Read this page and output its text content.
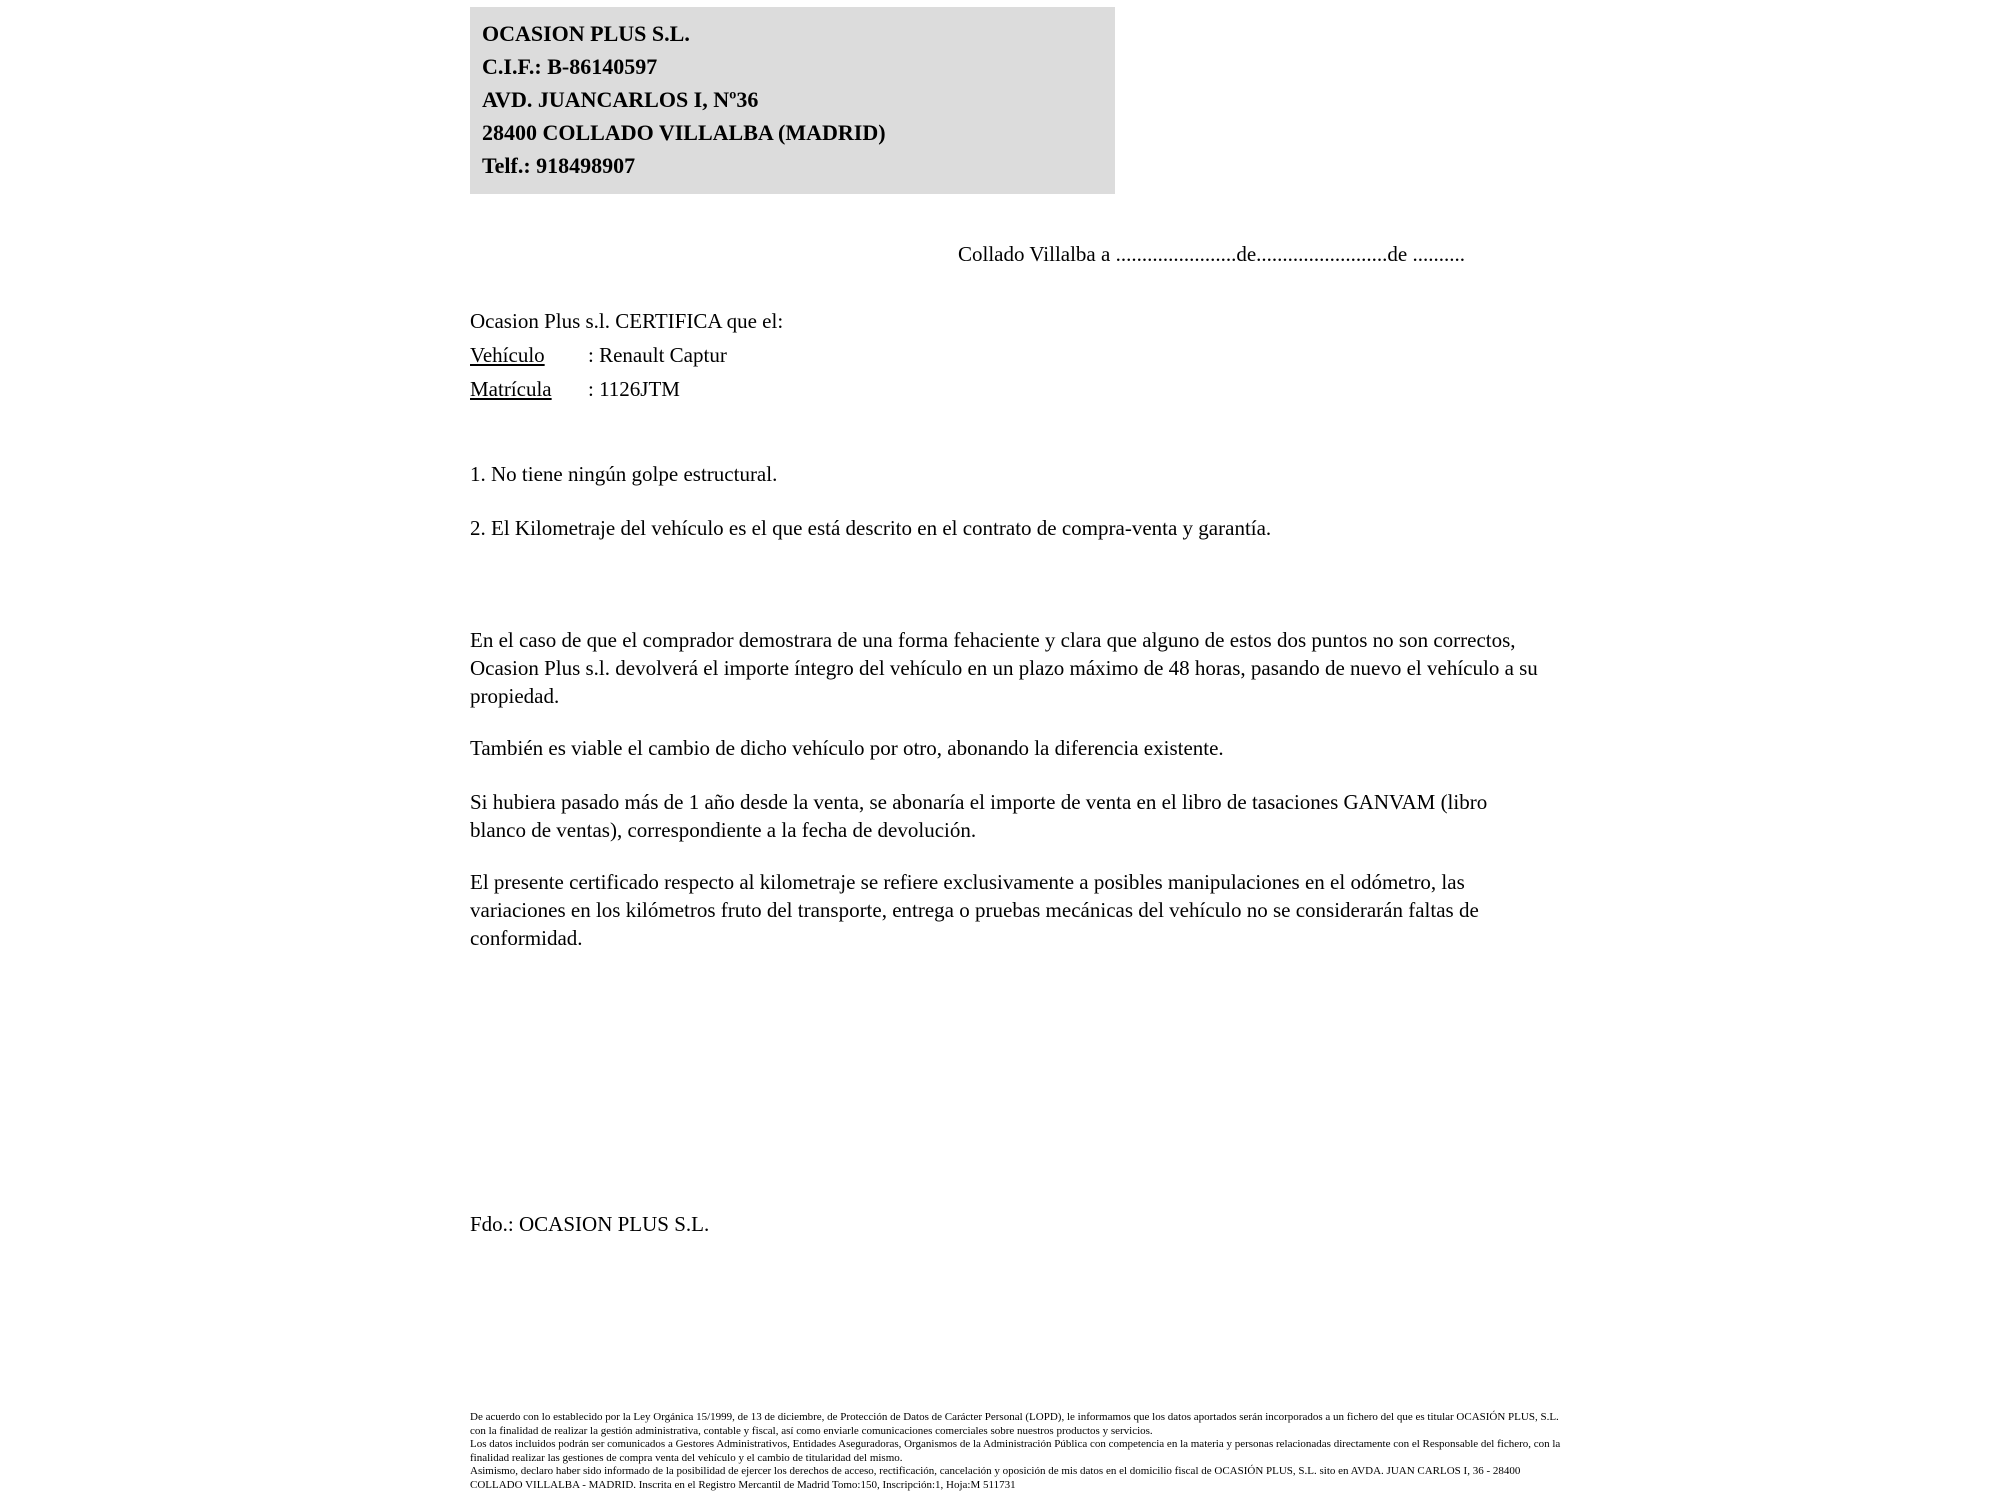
OCASION PLUS S.L.
C.I.F.: B-86140597
AVD. JUANCARLOS I, Nº36
28400 COLLADO VILLALBA (MADRID)
Telf.: 918498907
Collado Villalba a .......................de.........................de ..........
Ocasion Plus s.l. CERTIFICA que el:
Vehículo : Renault Captur
Matrícula : 1126JTM
1. No tiene ningún golpe estructural.
2. El Kilometraje del vehículo es el que está descrito en el contrato de compra-venta y garantía.

En el caso de que el comprador demostrara de una forma fehaciente y clara que alguno de estos dos puntos no son correctos, Ocasion Plus s.l. devolverá el importe íntegro del vehículo en un plazo máximo de 48 horas, pasando de nuevo el vehículo a su propiedad.

También es viable el cambio de dicho vehículo por otro, abonando la diferencia existente.

Si hubiera pasado más de 1 año desde la venta, se abonaría el importe de venta en el libro de tasaciones GANVAM (libro blanco de ventas), correspondiente a la fecha de devolución.

El presente certificado respecto al kilometraje se refiere exclusivamente a posibles manipulaciones en el odómetro, las variaciones en los kilómetros fruto del transporte, entrega o pruebas mecánicas del vehículo no se considerarán faltas de conformidad.

Fdo.: OCASION PLUS S.L.

De acuerdo con lo establecido por la Ley Orgánica 15/1999, de 13 de diciembre, de Protección de Datos de Carácter Personal (LOPD), le informamos que los datos aportados serán incorporados a un fichero del que es titular OCASIÓN PLUS, S.L. con la finalidad de realizar la gestión administrativa, contable y fiscal, así como enviarle comunicaciones comerciales sobre nuestros productos y servicios.

Los datos incluidos podrán ser comunicados a Gestores Administrativos, Entidades Aseguradoras, Organismos de la Administración Pública con competencia en la materia y personas relacionadas directamente con el Responsable del fichero, con la finalidad realizar las gestiones de compra venta del vehículo y el cambio de titularidad del mismo.

Asimismo, declaro haber sido informado de la posibilidad de ejercer los derechos de acceso, rectificación, cancelación y oposición de mis datos en el domicilio fiscal de OCASIÓN PLUS, S.L. sito en AVDA. JUAN CARLOS I, 36 - 28400 COLLADO VILLALBA - MADRID. Inscrita en el Registro Mercantil de Madrid Tomo:150, Inscripción:1, Hoja:M 511731
